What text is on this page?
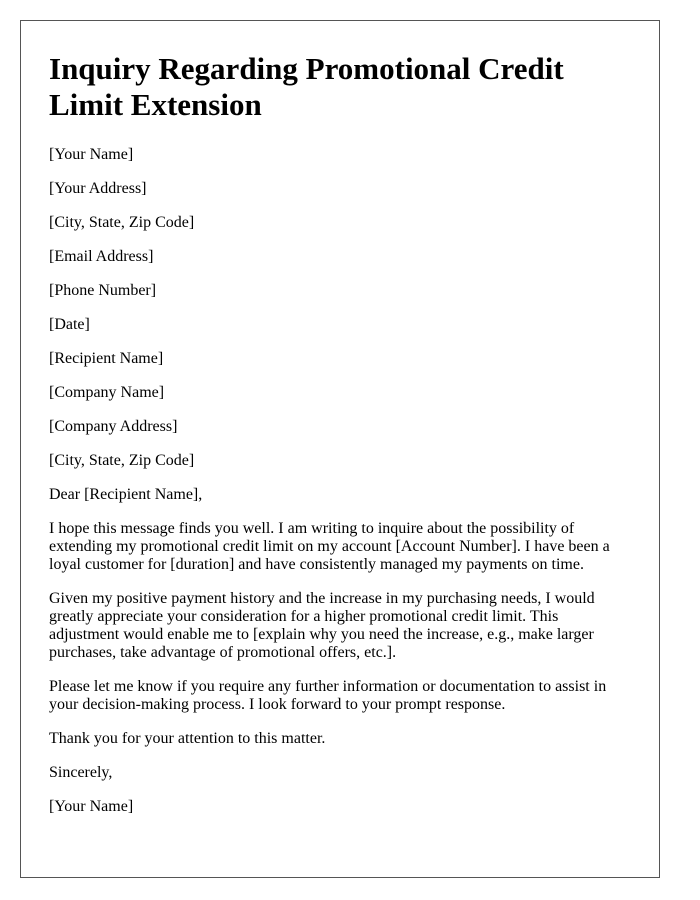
Inquiry Regarding Promotional Credit Limit Extension

[Your Name]

[Your Address]

[City, State, Zip Code]

[Email Address]

[Phone Number]

[Date]

[Recipient Name]

[Company Name]

[Company Address]

[City, State, Zip Code]

Dear [Recipient Name],

I hope this message finds you well. I am writing to inquire about the possibility of extending my promotional credit limit on my account [Account Number]. I have been a loyal customer for [duration] and have consistently managed my payments on time.

Given my positive payment history and the increase in my purchasing needs, I would greatly appreciate your consideration for a higher promotional credit limit. This adjustment would enable me to [explain why you need the increase, e.g., make larger purchases, take advantage of promotional offers, etc.].

Please let me know if you require any further information or documentation to assist in your decision-making process. I look forward to your prompt response.

Thank you for your attention to this matter.

Sincerely,

[Your Name]
